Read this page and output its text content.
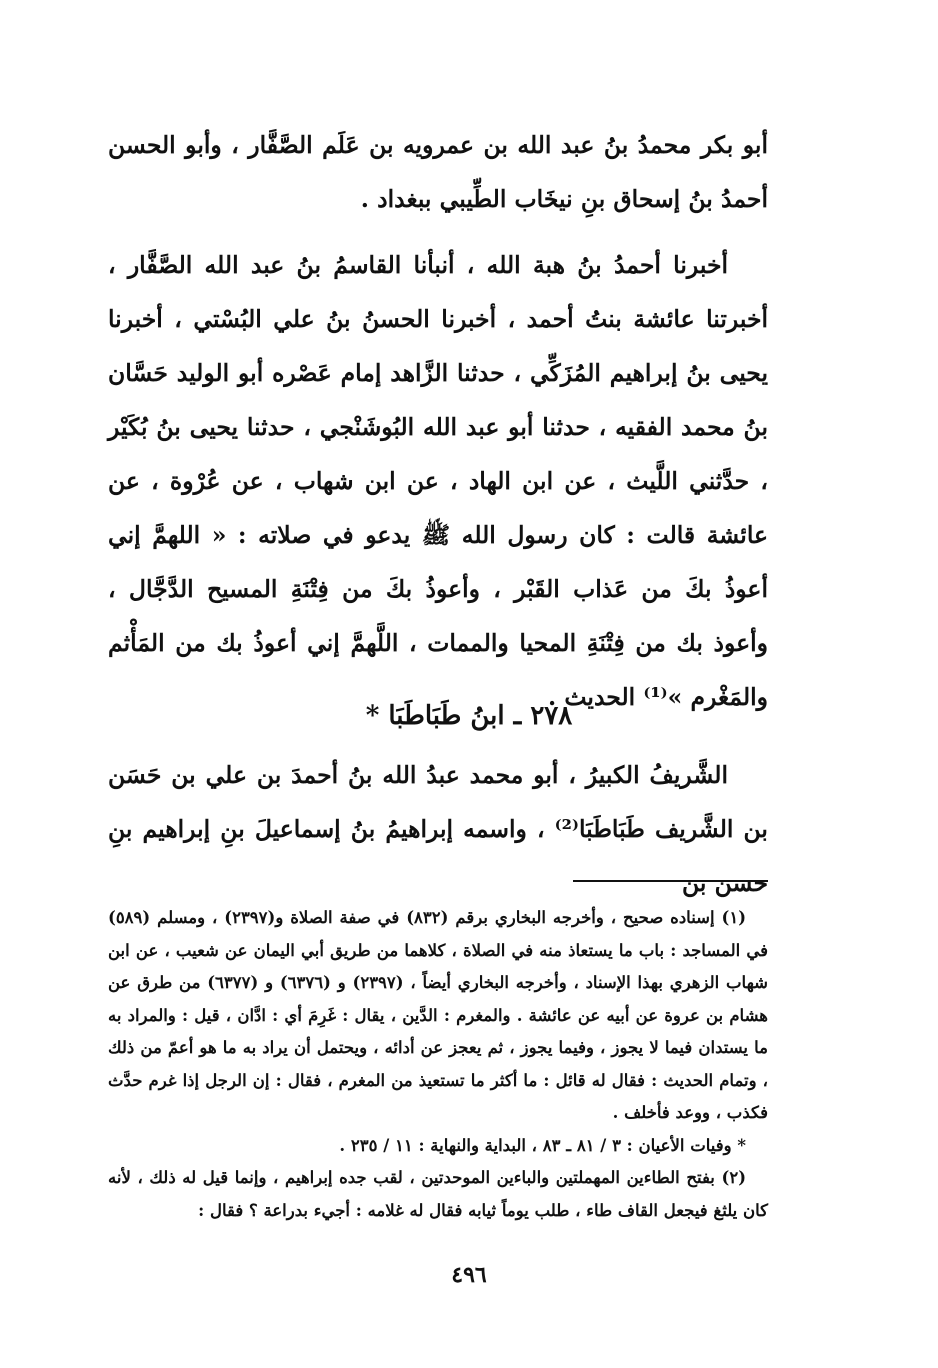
أبو بكر محمدُ بنُ عبد الله بن عمرويه بن عَلَم الصَّفَّار ، وأبو الحسن أحمدُ بنُ إسحاق بنِ نيخَاب الطِّيبي ببغداد .

أخبرنا أحمدُ بنُ هبة الله ، أنبأنا القاسمُ بنُ عبد الله الصَّفَّار ، أخبرتنا عائشة بنتُ أحمد ، أخبرنا الحسنُ بنُ علي البُسْتي ، أخبرنا يحيى بنُ إبراهيم المُزَكِّي ، حدثنا الزَّاهد إمام عَصْره أبو الوليد حَسَّان بنُ محمد الفقيه ، حدثنا أبو عبد الله البُوشَنْجي ، حدثنا يحيى بنُ بُكَيْر ، حدَّثني اللَّيث ، عن ابن الهاد ، عن ابن شهاب ، عن عُرْوة ، عن عائشة قالت : كان رسول الله ﷺ يدعو في صلاته : « اللهمَّ إني أعوذُ بكَ من عَذاب القَبْر ، وأعوذُ بكَ من فِتْنَةِ المسيح الدَّجَّال ، وأعوذ بك من فِتْنَةِ المحيا والممات ، اللَّهمَّ إني أعوذُ بك من المَأْثم والمَغْرم »⁽¹⁾ الحديث .

٢٧٨ ـ ابنُ طَبَاطَبَا *

الشَّريفُ الكبيرُ ، أبو محمد عبدُ الله بنُ أحمدَ بن علي بن حَسَن بن الشَّريف طَبَاطَبَا⁽²⁾ ، واسمه إبراهيمُ بنُ إسماعيلَ بنِ إبراهيم بنِ حسن بن

(١) إسناده صحيح ، وأخرجه البخاري برقم (٨٣٢) في صفة الصلاة و(٢٣٩٧) ، ومسلم (٥٨٩) في المساجد : باب ما يستعاذ منه في الصلاة ، كلاهما من طريق أبي اليمان عن شعيب ، عن ابن شهاب الزهري بهذا الإسناد ، وأخرجه البخاري أيضاً ، (٢٣٩٧) و (٦٣٧٦) و (٦٣٧٧) من طرق عن هشام بن عروة عن أبيه عن عائشة . والمغرم : الدَّين ، يقال : غَرِمَ أي : ادَّان ، قيل : والمراد به ما يستدان فيما لا يجوز ، وفيما يجوز ، ثم يعجز عن أدائه ، ويحتمل أن يراد به ما هو أعمّ من ذلك ، وتمام الحديث : فقال له قائل : ما أكثر ما تستعيذ من المغرم ، فقال : إن الرجل إذا غرم حدَّث فكذب ، ووعد فأخلف .

* وفيات الأعيان : ٣ / ٨١ ـ ٨٣ ، البداية والنهاية : ١١ / ٢٣٥ .

(٢) بفتح الطاءين المهملتين والباءين الموحدتين ، لقب جده إبراهيم ، وإنما قيل له ذلك ، لأنه كان يلثغ فيجعل القاف طاء ، طلب يوماً ثيابه فقال له غلامه : أجيء بدراعة ؟ فقال :

٤٩٦
